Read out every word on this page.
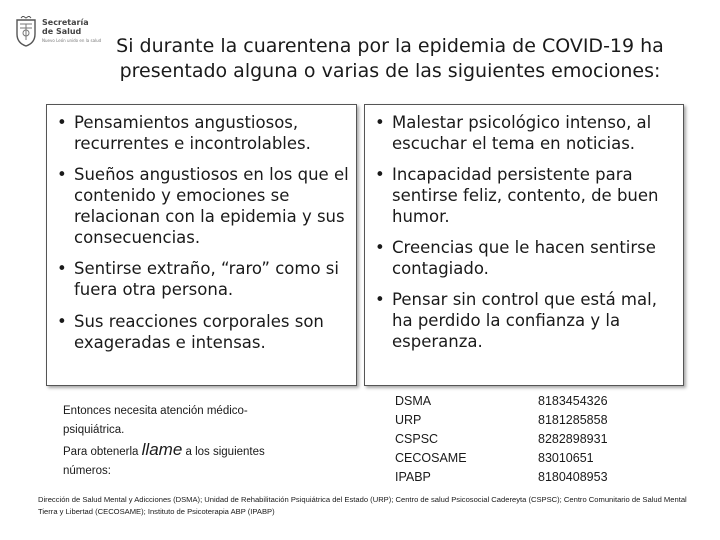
Secretaría
de Salud
Nuevo León unido en la salud Si durante la cuarentena por la epidemia de COVID-19 ha presentado alguna o varias de las siguientes emociones:
• Pensamientos angustiosos, recurrentes e incontrolables.
• Sueños angustiosos en los que el contenido y emociones se relacionan con la epidemia y sus consecuencias.
• Sentirse extraño, “raro” como si fuera otra persona.
• Sus reacciones corporales son exageradas e intensas.
• Malestar psicológico intenso, al escuchar el tema en noticias.
• Incapacidad persistente para sentirse feliz, contento, de buen humor.
• Creencias que le hacen sentirse contagiado.
• Pensar sin control que está mal, ha perdido la confianza y la esperanza.
Entonces necesita atención médico-psiquiátrica.
Para obtenerla llame a los siguientes números:
DSMA	8183454326
URP	8181285858
CSPSC	8282898931
CECOSAME	83010651
IPABP	8180408953
Dirección de Salud Mental y Adicciones (DSMA); Unidad de Rehabilitación Psiquiátrica del Estado (URP); Centro de salud Psicosocial Cadereyta (CSPSC); Centro Comunitario de Salud Mental Tierra y Libertad (CECOSAME); Instituto de Psicoterapia ABP (IPABP)
